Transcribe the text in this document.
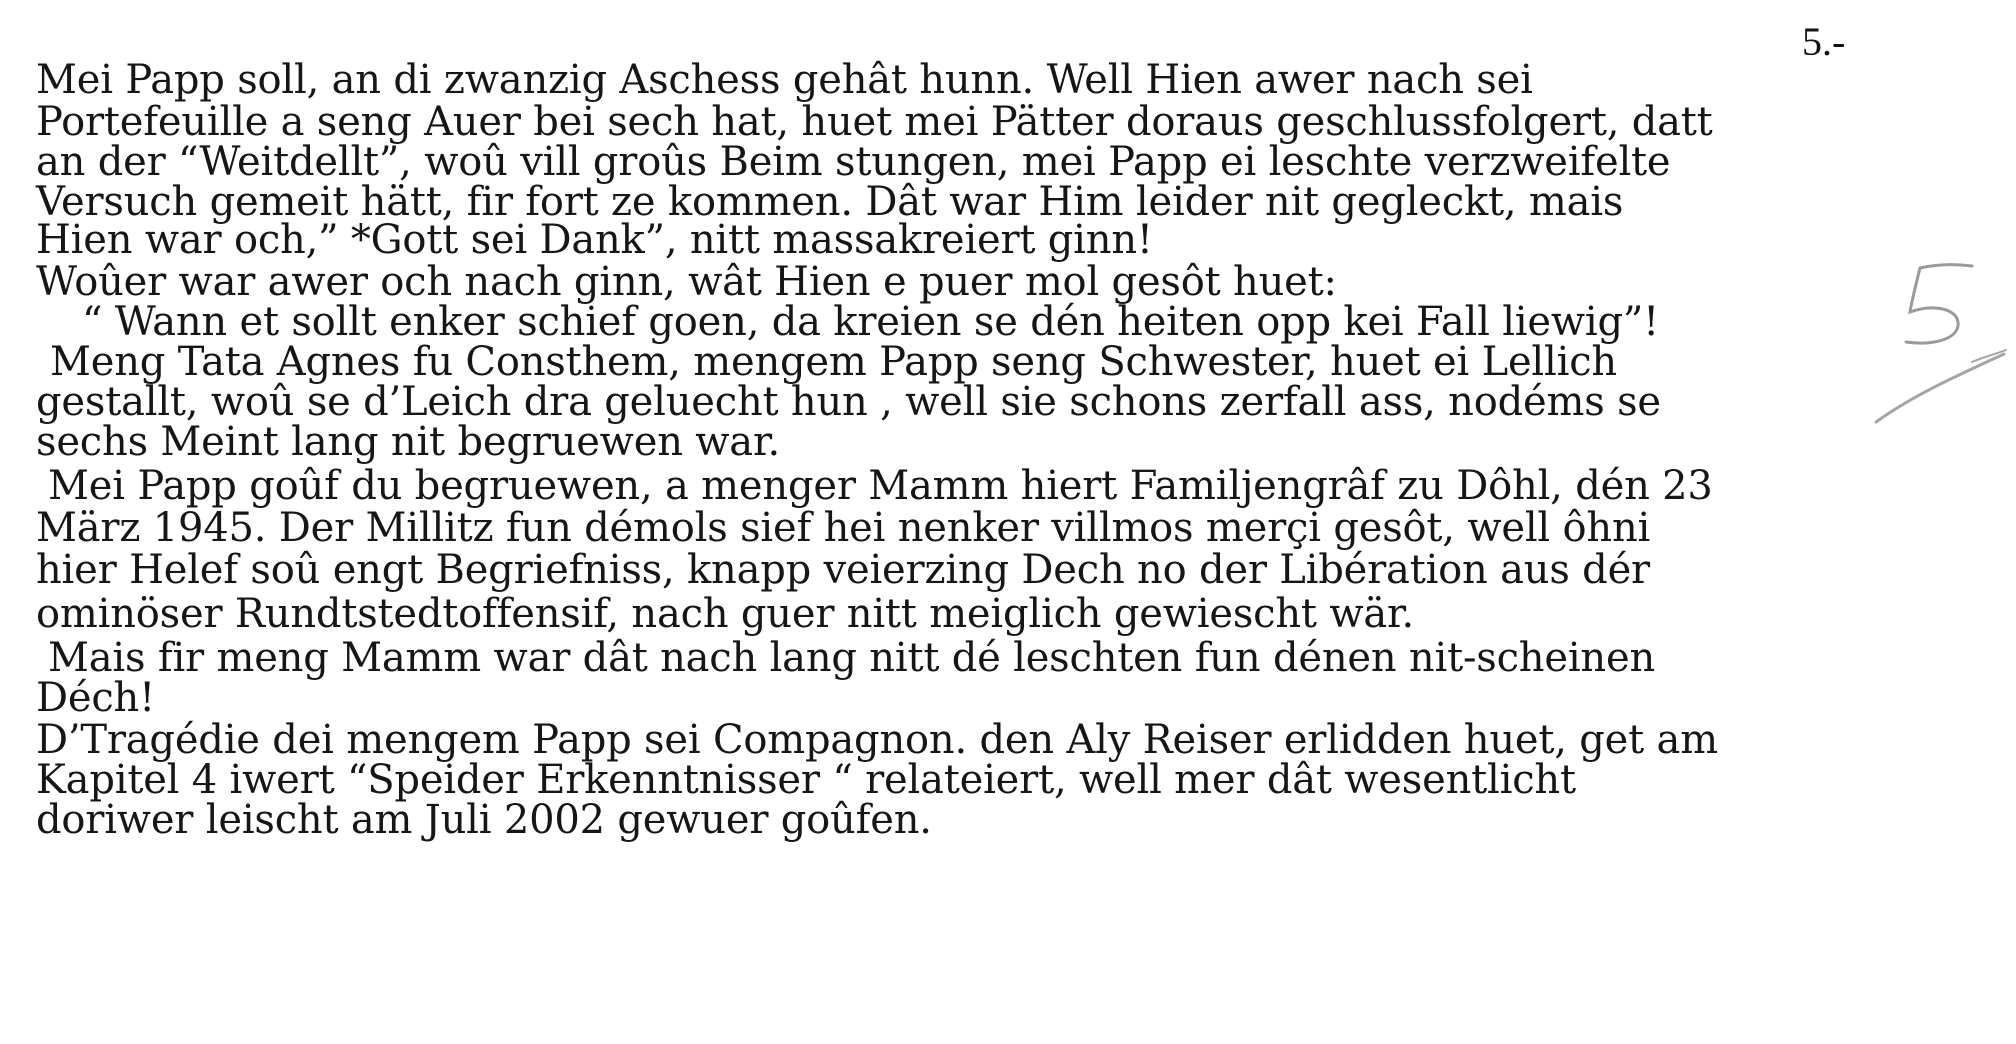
5.-
Mei Papp soll, an di zwanzig Aschess gehât hunn. Well Hien awer nach sei
Portefeuille a seng Auer bei sech hat, huet mei Pätter doraus geschlussfolgert, datt
an der “Weitdellt”, woû vill groûs Beim stungen, mei Papp ei leschte verzweifelte
Versuch gemeit hätt, fir fort ze kommen. Dât war Him leider nit gegleckt, mais
Hien war och,” *Gott sei Dank”, nitt massakreiert ginn!
Woûer war awer och nach ginn, wât Hien e puer mol gesôt huet:
“ Wann et sollt enker schief goen, da kreien se dén heiten opp kei Fall liewig”!
Meng Tata Agnes fu Consthem, mengem Papp seng Schwester, huet ei Lellich
gestallt, woû se d’Leich dra geluecht hun , well sie schons zerfall ass, nodéms se
sechs Meint lang nit begruewen war.
Mei Papp goûf du begruewen, a menger Mamm hiert Familjengrâf zu Dôhl, dén 23
März 1945. Der Millitz fun démols sief hei nenker villmos merçi gesôt, well ôhni
hier Helef soû engt Begriefniss, knapp veierzing Dech no der Libération aus dér
ominöser Rundtstedtoffensif, nach guer nitt meiglich gewiescht wär.
Mais fir meng Mamm war dât nach lang nitt dé leschten fun dénen nit-scheinen
Déch!
D’Tragédie dei mengem Papp sei Compagnon. den Aly Reiser erlidden huet, get am
Kapitel 4 iwert “Speider Erkenntnisser “ relateiert, well mer dât wesentlicht
doriwer leischt am Juli 2002 gewuer goûfen.
